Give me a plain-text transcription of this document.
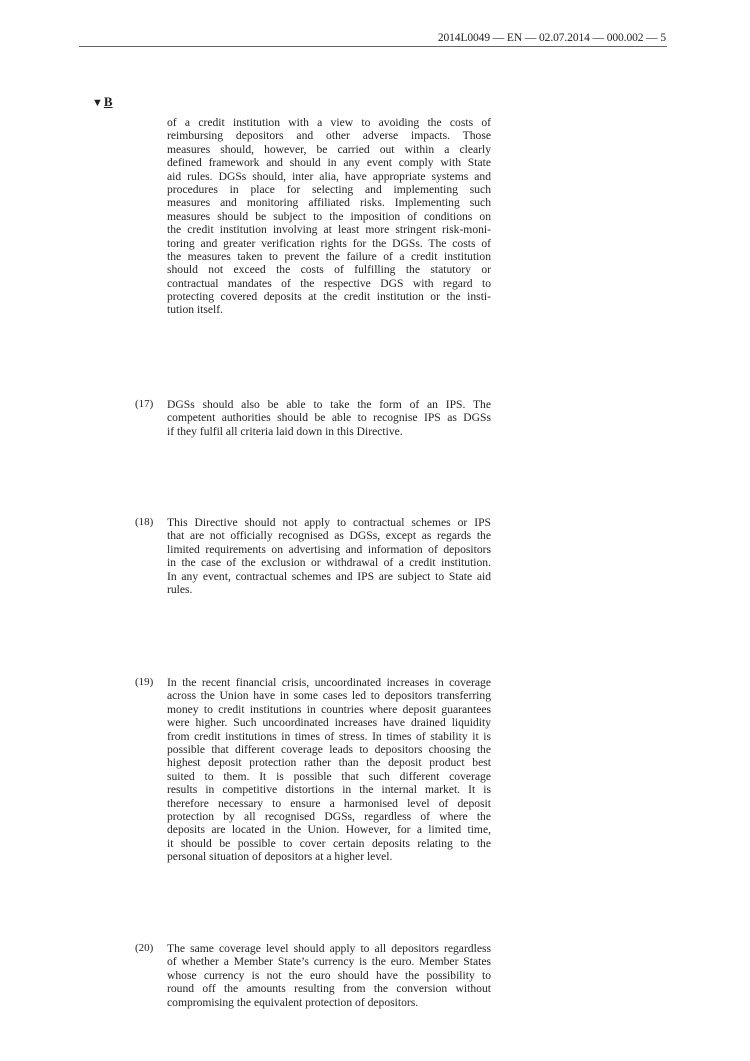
2014L0049 — EN — 02.07.2014 — 000.002 — 5
▼B
of a credit institution with a view to avoiding the costs of
reimbursing depositors and other adverse impacts. Those
measures should, however, be carried out within a clearly
defined framework and should in any event comply with State
aid rules. DGSs should, inter alia, have appropriate systems and
procedures in place for selecting and implementing such
measures and monitoring affiliated risks. Implementing such
measures should be subject to the imposition of conditions on
the credit institution involving at least more stringent risk-moni-
toring and greater verification rights for the DGSs. The costs of
the measures taken to prevent the failure of a credit institution
should not exceed the costs of fulfilling the statutory or
contractual mandates of the respective DGS with regard to
protecting covered deposits at the credit institution or the insti-
tution itself.
(17) DGSs should also be able to take the form of an IPS. The
competent authorities should be able to recognise IPS as DGSs
if they fulfil all criteria laid down in this Directive.
(18) This Directive should not apply to contractual schemes or IPS
that are not officially recognised as DGSs, except as regards the
limited requirements on advertising and information of depositors
in the case of the exclusion or withdrawal of a credit institution.
In any event, contractual schemes and IPS are subject to State aid
rules.
(19) In the recent financial crisis, uncoordinated increases in coverage
across the Union have in some cases led to depositors transferring
money to credit institutions in countries where deposit guarantees
were higher. Such uncoordinated increases have drained liquidity
from credit institutions in times of stress. In times of stability it is
possible that different coverage leads to depositors choosing the
highest deposit protection rather than the deposit product best
suited to them. It is possible that such different coverage
results in competitive distortions in the internal market. It is
therefore necessary to ensure a harmonised level of deposit
protection by all recognised DGSs, regardless of where the
deposits are located in the Union. However, for a limited time,
it should be possible to cover certain deposits relating to the
personal situation of depositors at a higher level.
(20) The same coverage level should apply to all depositors regardless
of whether a Member State’s currency is the euro. Member States
whose currency is not the euro should have the possibility to
round off the amounts resulting from the conversion without
compromising the equivalent protection of depositors.
